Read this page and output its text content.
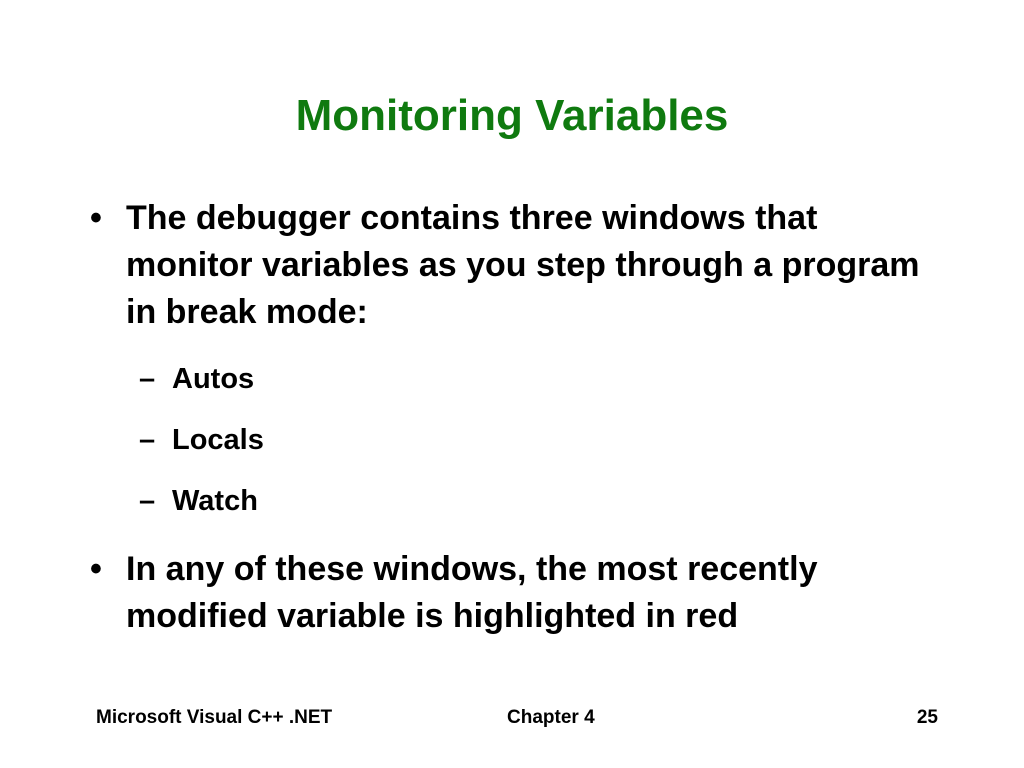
Monitoring Variables
• The debugger contains three windows that monitor variables as you step through a program in break mode:
– Autos
– Locals
– Watch
• In any of these windows, the most recently modified variable is highlighted in red
Microsoft Visual C++ .NET	Chapter 4	25
